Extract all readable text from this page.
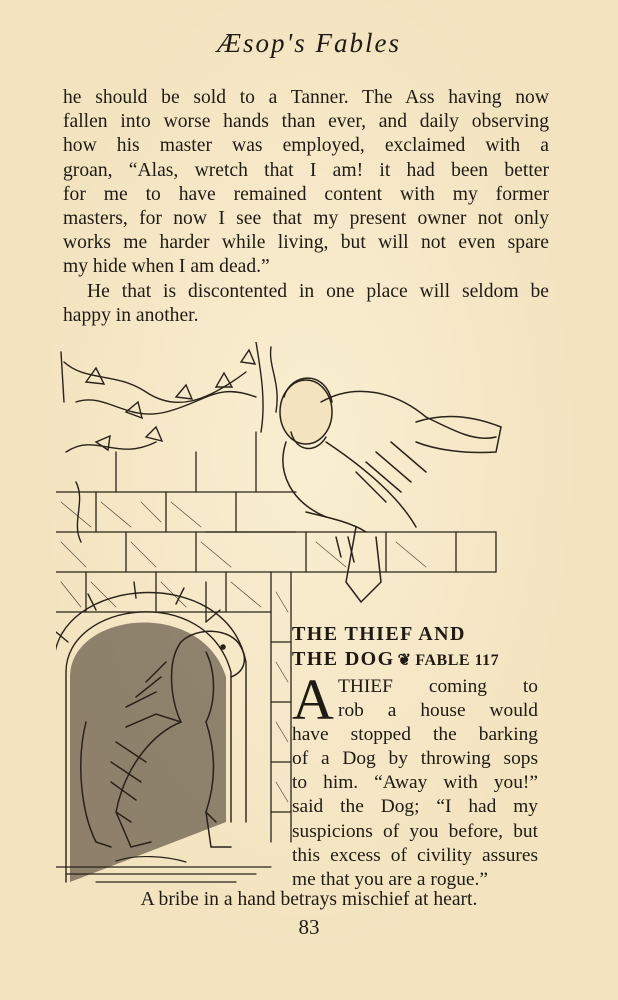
Æsop's Fables

he should be sold to a Tanner. The Ass having now

fallen into worse hands than ever, and daily observing

how his master was employed, exclaimed with a

groan, “Alas, wretch that I am! it had been better

for me to have remained content with my former

masters, for now I see that my present owner not only

works me harder while living, but will not even spare

my hide when I am dead.”

He that is discontented in one place will seldom be

happy in another.

THE THIEF AND
THE DOG ❦ FABLE 117
A THIEF coming to
rob a house would
have stopped the barking
of a Dog by throwing sops
to him. “Away with you!”
said the Dog; “I had my
suspicions of you before, but
this excess of civility assures
me that you are a rogue.”
A bribe in a hand betrays mischief at heart.
83
